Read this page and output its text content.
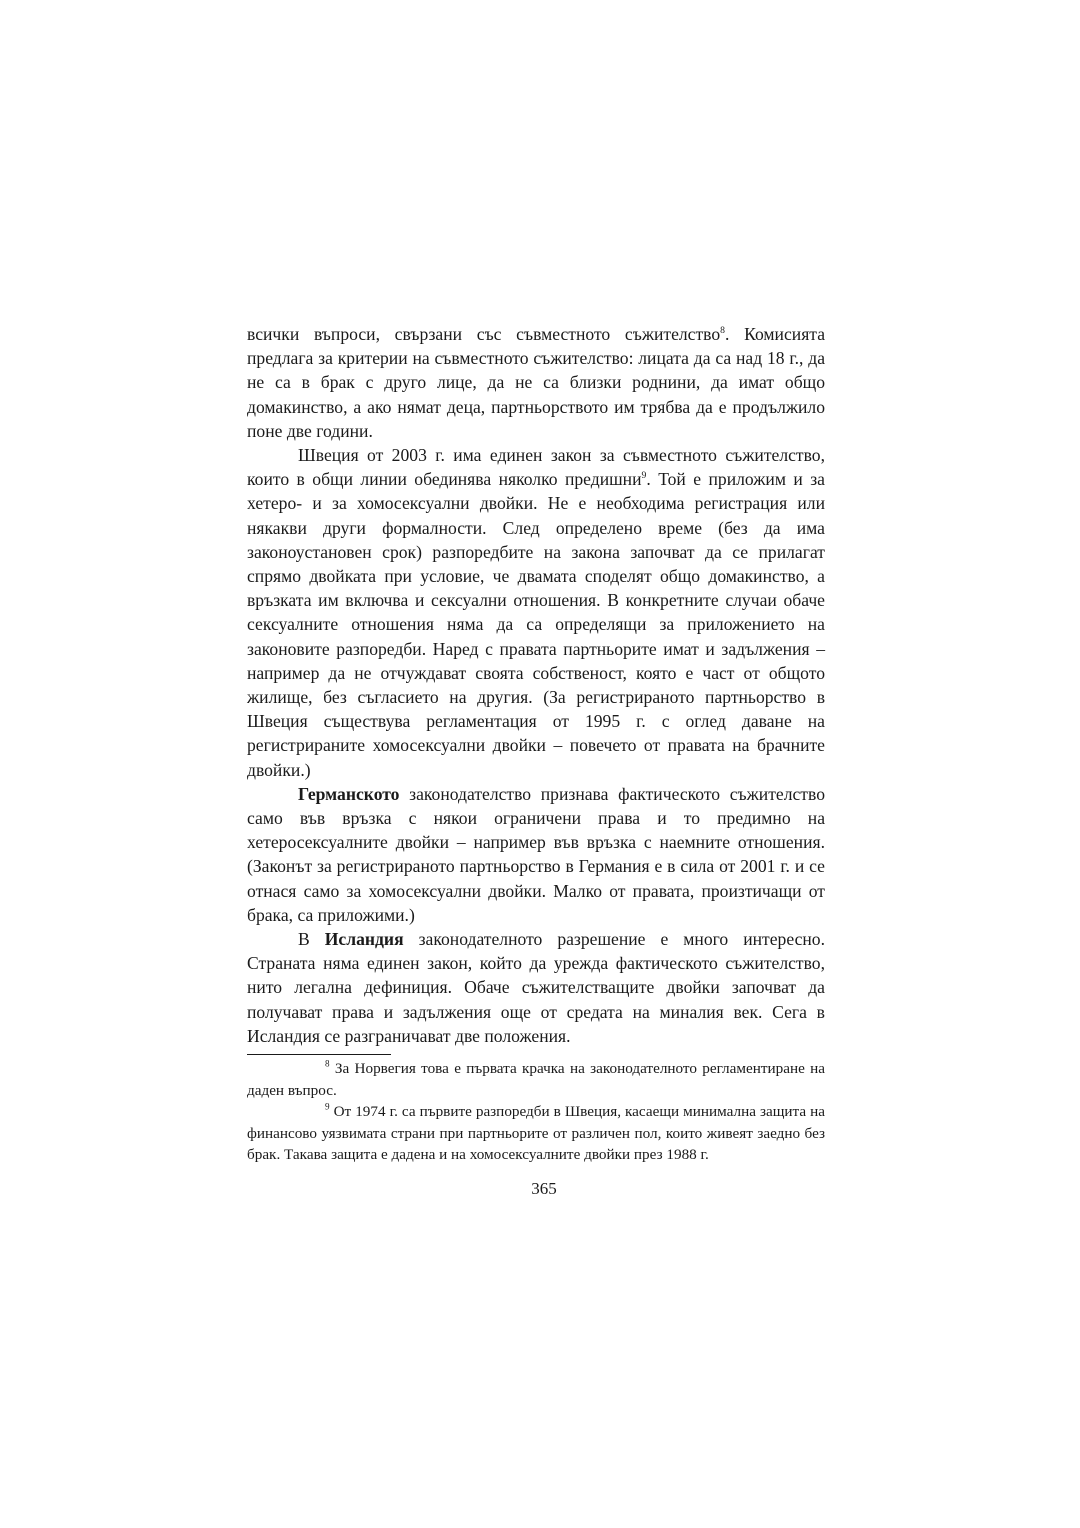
всички въпроси, свързани със съвместното съжителство$^8$. Комисията предлага за критерии на съвместното съжителство: лицата да са над 18 г., да не са в брак с друго лице, да не са близки роднини, да имат общо домакинство, а ако нямат деца, партньорството им трябва да е продължило поне две години.

Швеция от 2003 г. има единен закон за съвместното съжителство, които в общи линии обединява няколко предишни$^9$. Той е приложим и за хетеро- и за хомосексуални двойки. Не е необходима регистрация или някакви други формалности. След определено време (без да има законоустановен срок) разпоредбите на закона започват да се прилагат спрямо двойката при условие, че двамата споделят общо домакинство, а връзката им включва и сексуални отношения. В конкретните случаи обаче сексуалните отношения няма да са определящи за приложението на законовите разпоредби. Наред с правата партньорите имат и задължения – например да не отчуждават своята собственост, която е част от общото жилище, без съгласието на другия. (За регистрираното партньорство в Швеция съществува регламентация от 1995 г. с оглед даване на регистрираните хомосексуални двойки – повечето от правата на брачните двойки.)

Германското законодателство признава фактическото съжителство само във връзка с някои ограничени права и то предимно на хетеросексуалните двойки – например във връзка с наемните отношения. (Законът за регистрираното партньорство в Германия е в сила от 2001 г. и се отнася само за хомосексуални двойки. Малко от правата, произтичащи от брака, са приложими.)

В Исландия законодателното разрешение е много интересно. Страната няма единен закон, който да урежда фактическото съжителство, нито легална дефиниция. Обаче съжителстващите двойки започват да получават права и задължения още от средата на миналия век. Сега в Исландия се разграничават две положения.

$^8$ За Норвегия това е първата крачка на законодателното регламентиране на даден въпрос.

$^9$ От 1974 г. са първите разпоредби в Швеция, касаещи минимална защита на финансово уязвимата страни при партньорите от различен пол, които живеят заедно без брак. Такава защита е дадена и на хомосексуалните двойки през 1988 г.

365
